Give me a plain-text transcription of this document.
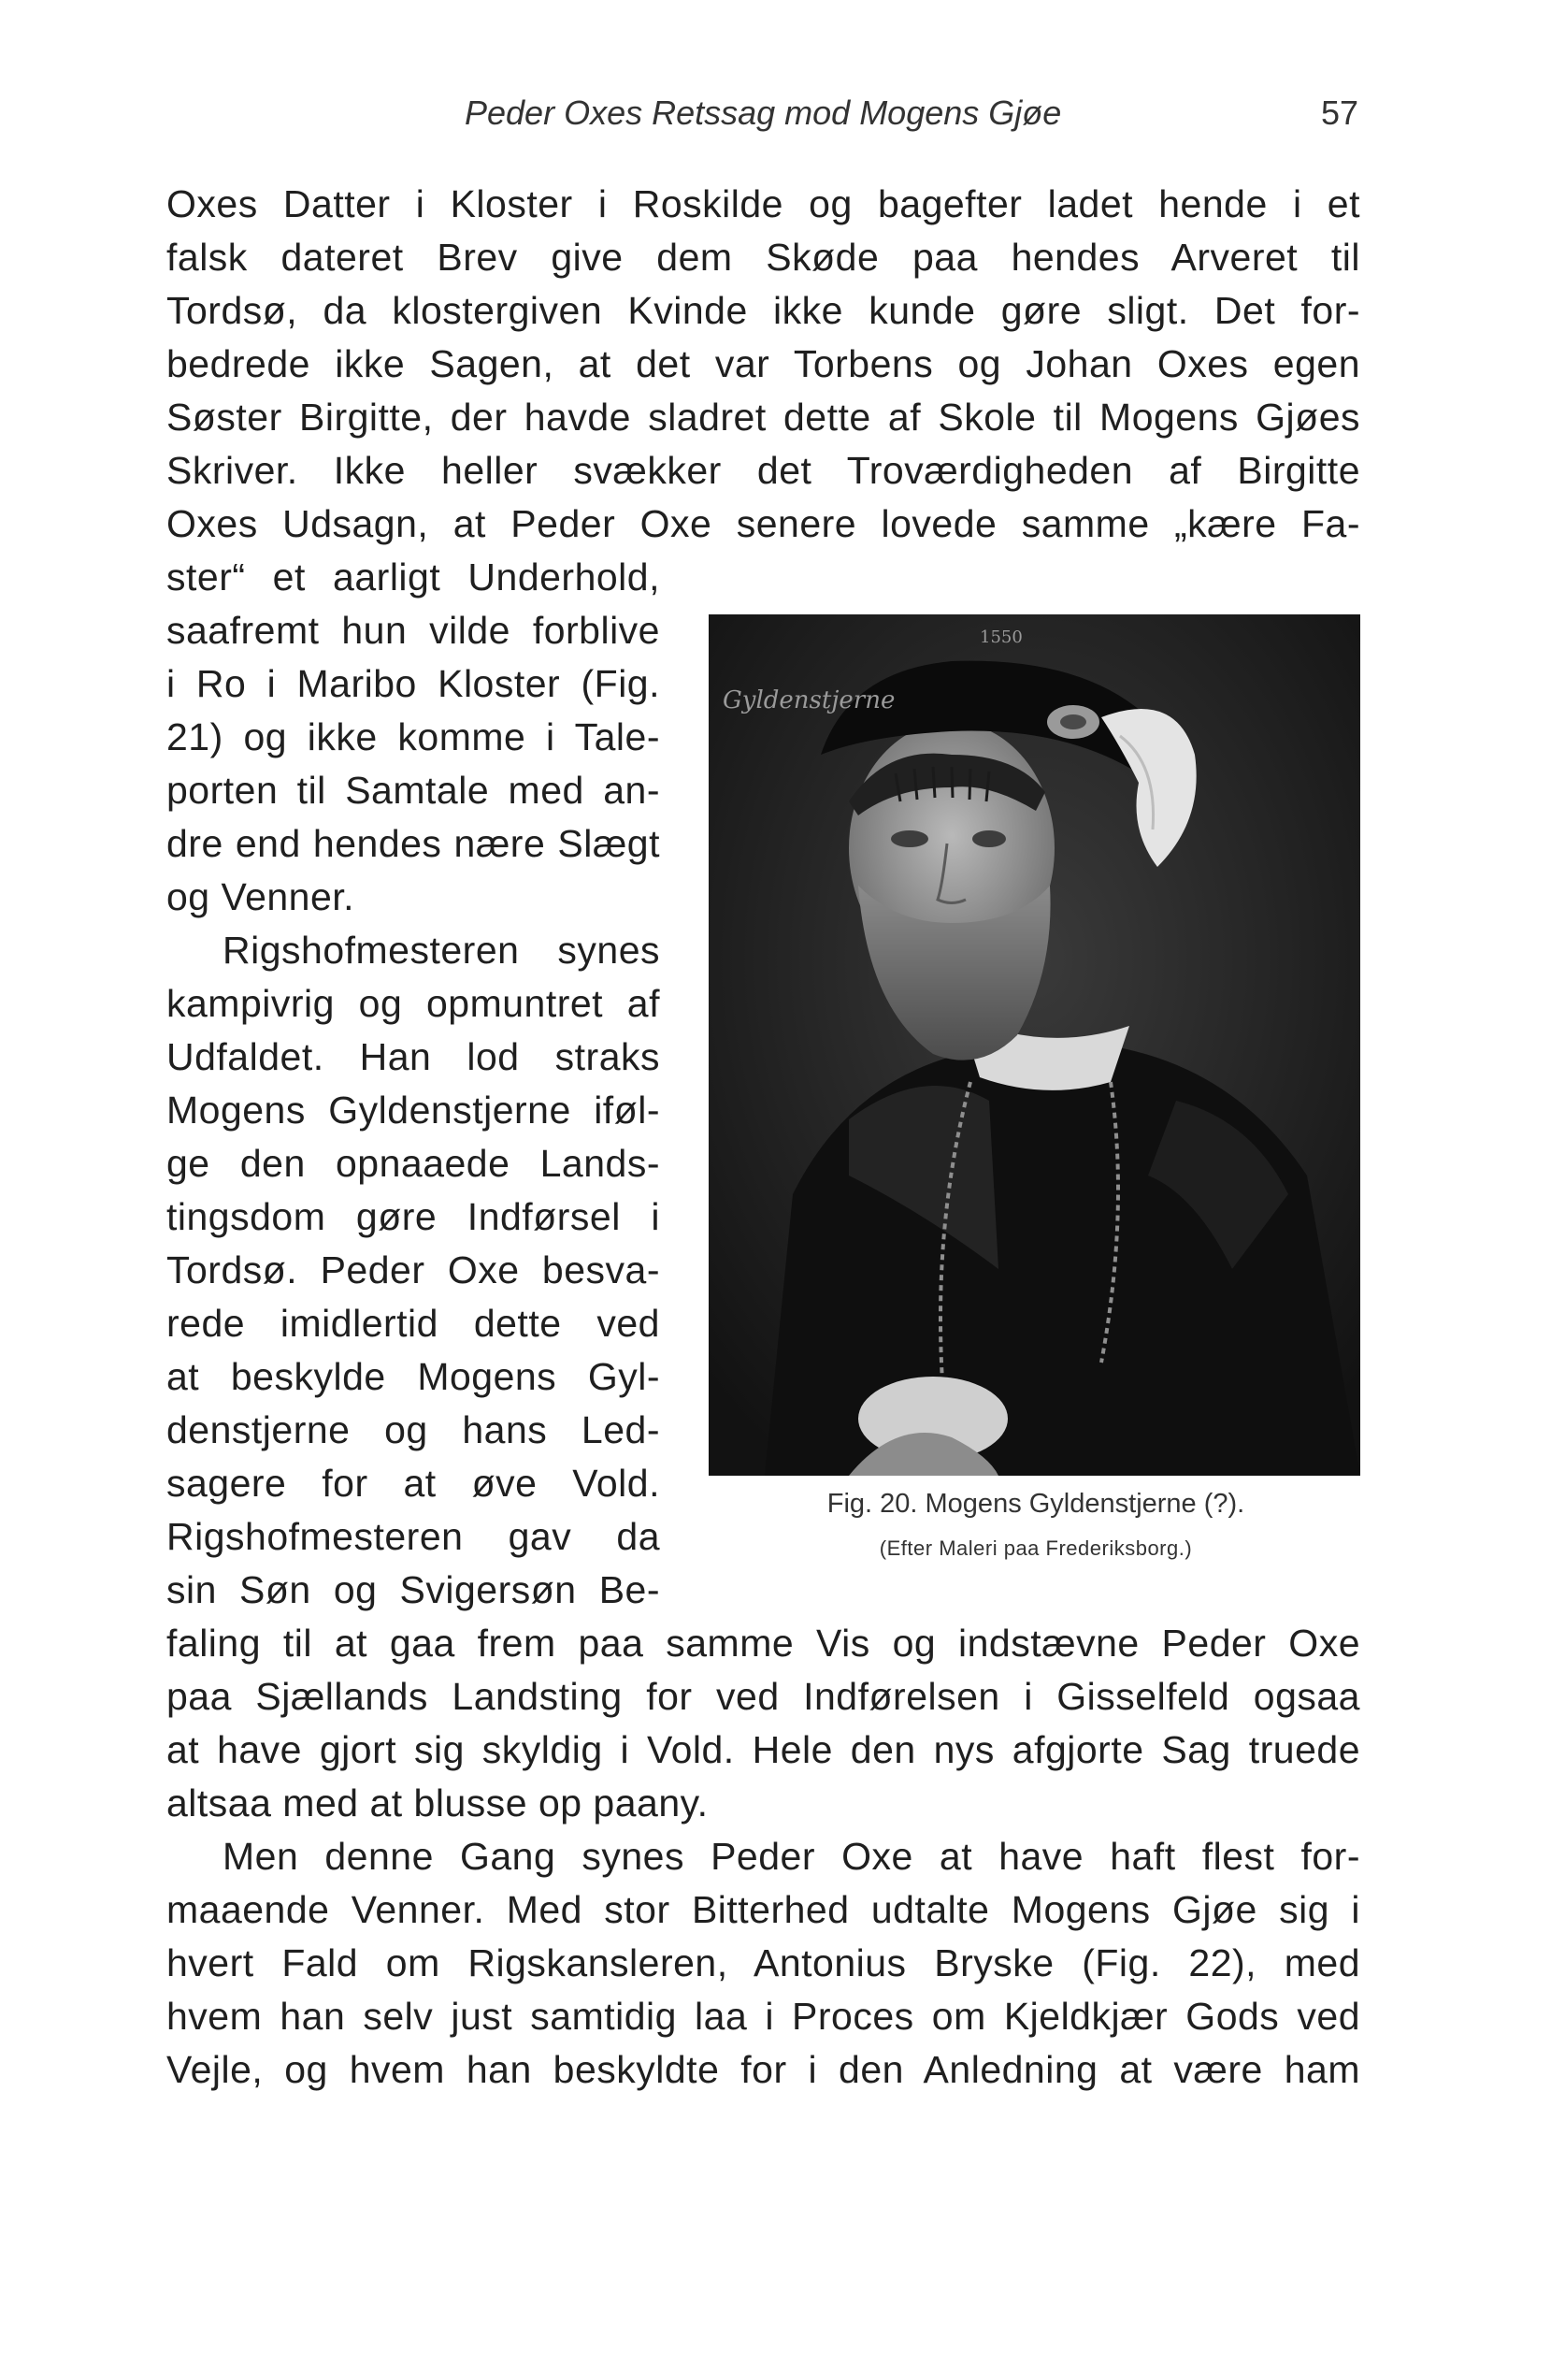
Peder Oxes Retssag mod Mogens Gjøe	57
Oxes Datter i Kloster i Roskilde og bagefter ladet hende i et
falsk dateret Brev give dem Skøde paa hendes Arveret til
Tordsø, da klostergiven Kvinde ikke kunde gøre sligt. Det for-
bedrede ikke Sagen, at det var Torbens og Johan Oxes egen
Søster Birgitte, der havde sladret dette af Skole til Mogens Gjøes
Skriver. Ikke heller svækker det Troværdigheden af Birgitte
Oxes Udsagn, at Peder Oxe senere lovede samme „kære Fa-
ster“ et aarligt Underhold,
saafremt hun vilde forblive
i Ro i Maribo Kloster (Fig.
21) og ikke komme i Tale-
porten til Samtale med an-
dre end hendes nære Slægt
og Venner.
Rigshofmesteren synes
kampivrig og opmuntret af
Udfaldet. Han lod straks
Mogens Gyldenstjerne iføl-
ge den opnaaede Lands-
tingsdom gøre Indførsel i
Tordsø. Peder Oxe besva-
rede imidlertid dette ved
at beskylde Mogens Gyl-
denstjerne og hans Led-
sagere for at øve Vold.
Rigshofmesteren gav da
sin Søn og Svigersøn Be-
faling til at gaa frem paa samme Vis og indstævne Peder Oxe
paa Sjællands Landsting for ved Indførelsen i Gisselfeld ogsaa
at have gjort sig skyldig i Vold. Hele den nys afgjorte Sag truede
altsaa med at blusse op paany.
Men denne Gang synes Peder Oxe at have haft flest for-
maaende Venner. Med stor Bitterhed udtalte Mogens Gjøe sig i
hvert Fald om Rigskansleren, Antonius Bryske (Fig. 22), med
hvem han selv just samtidig laa i Proces om Kjeldkjær Gods ved
Vejle, og hvem han beskyldte for i den Anledning at være ham
Gyldenstjerne
1550
Fig. 20. Mogens Gyldenstjerne (?).
(Efter Maleri paa Frederiksborg.)
